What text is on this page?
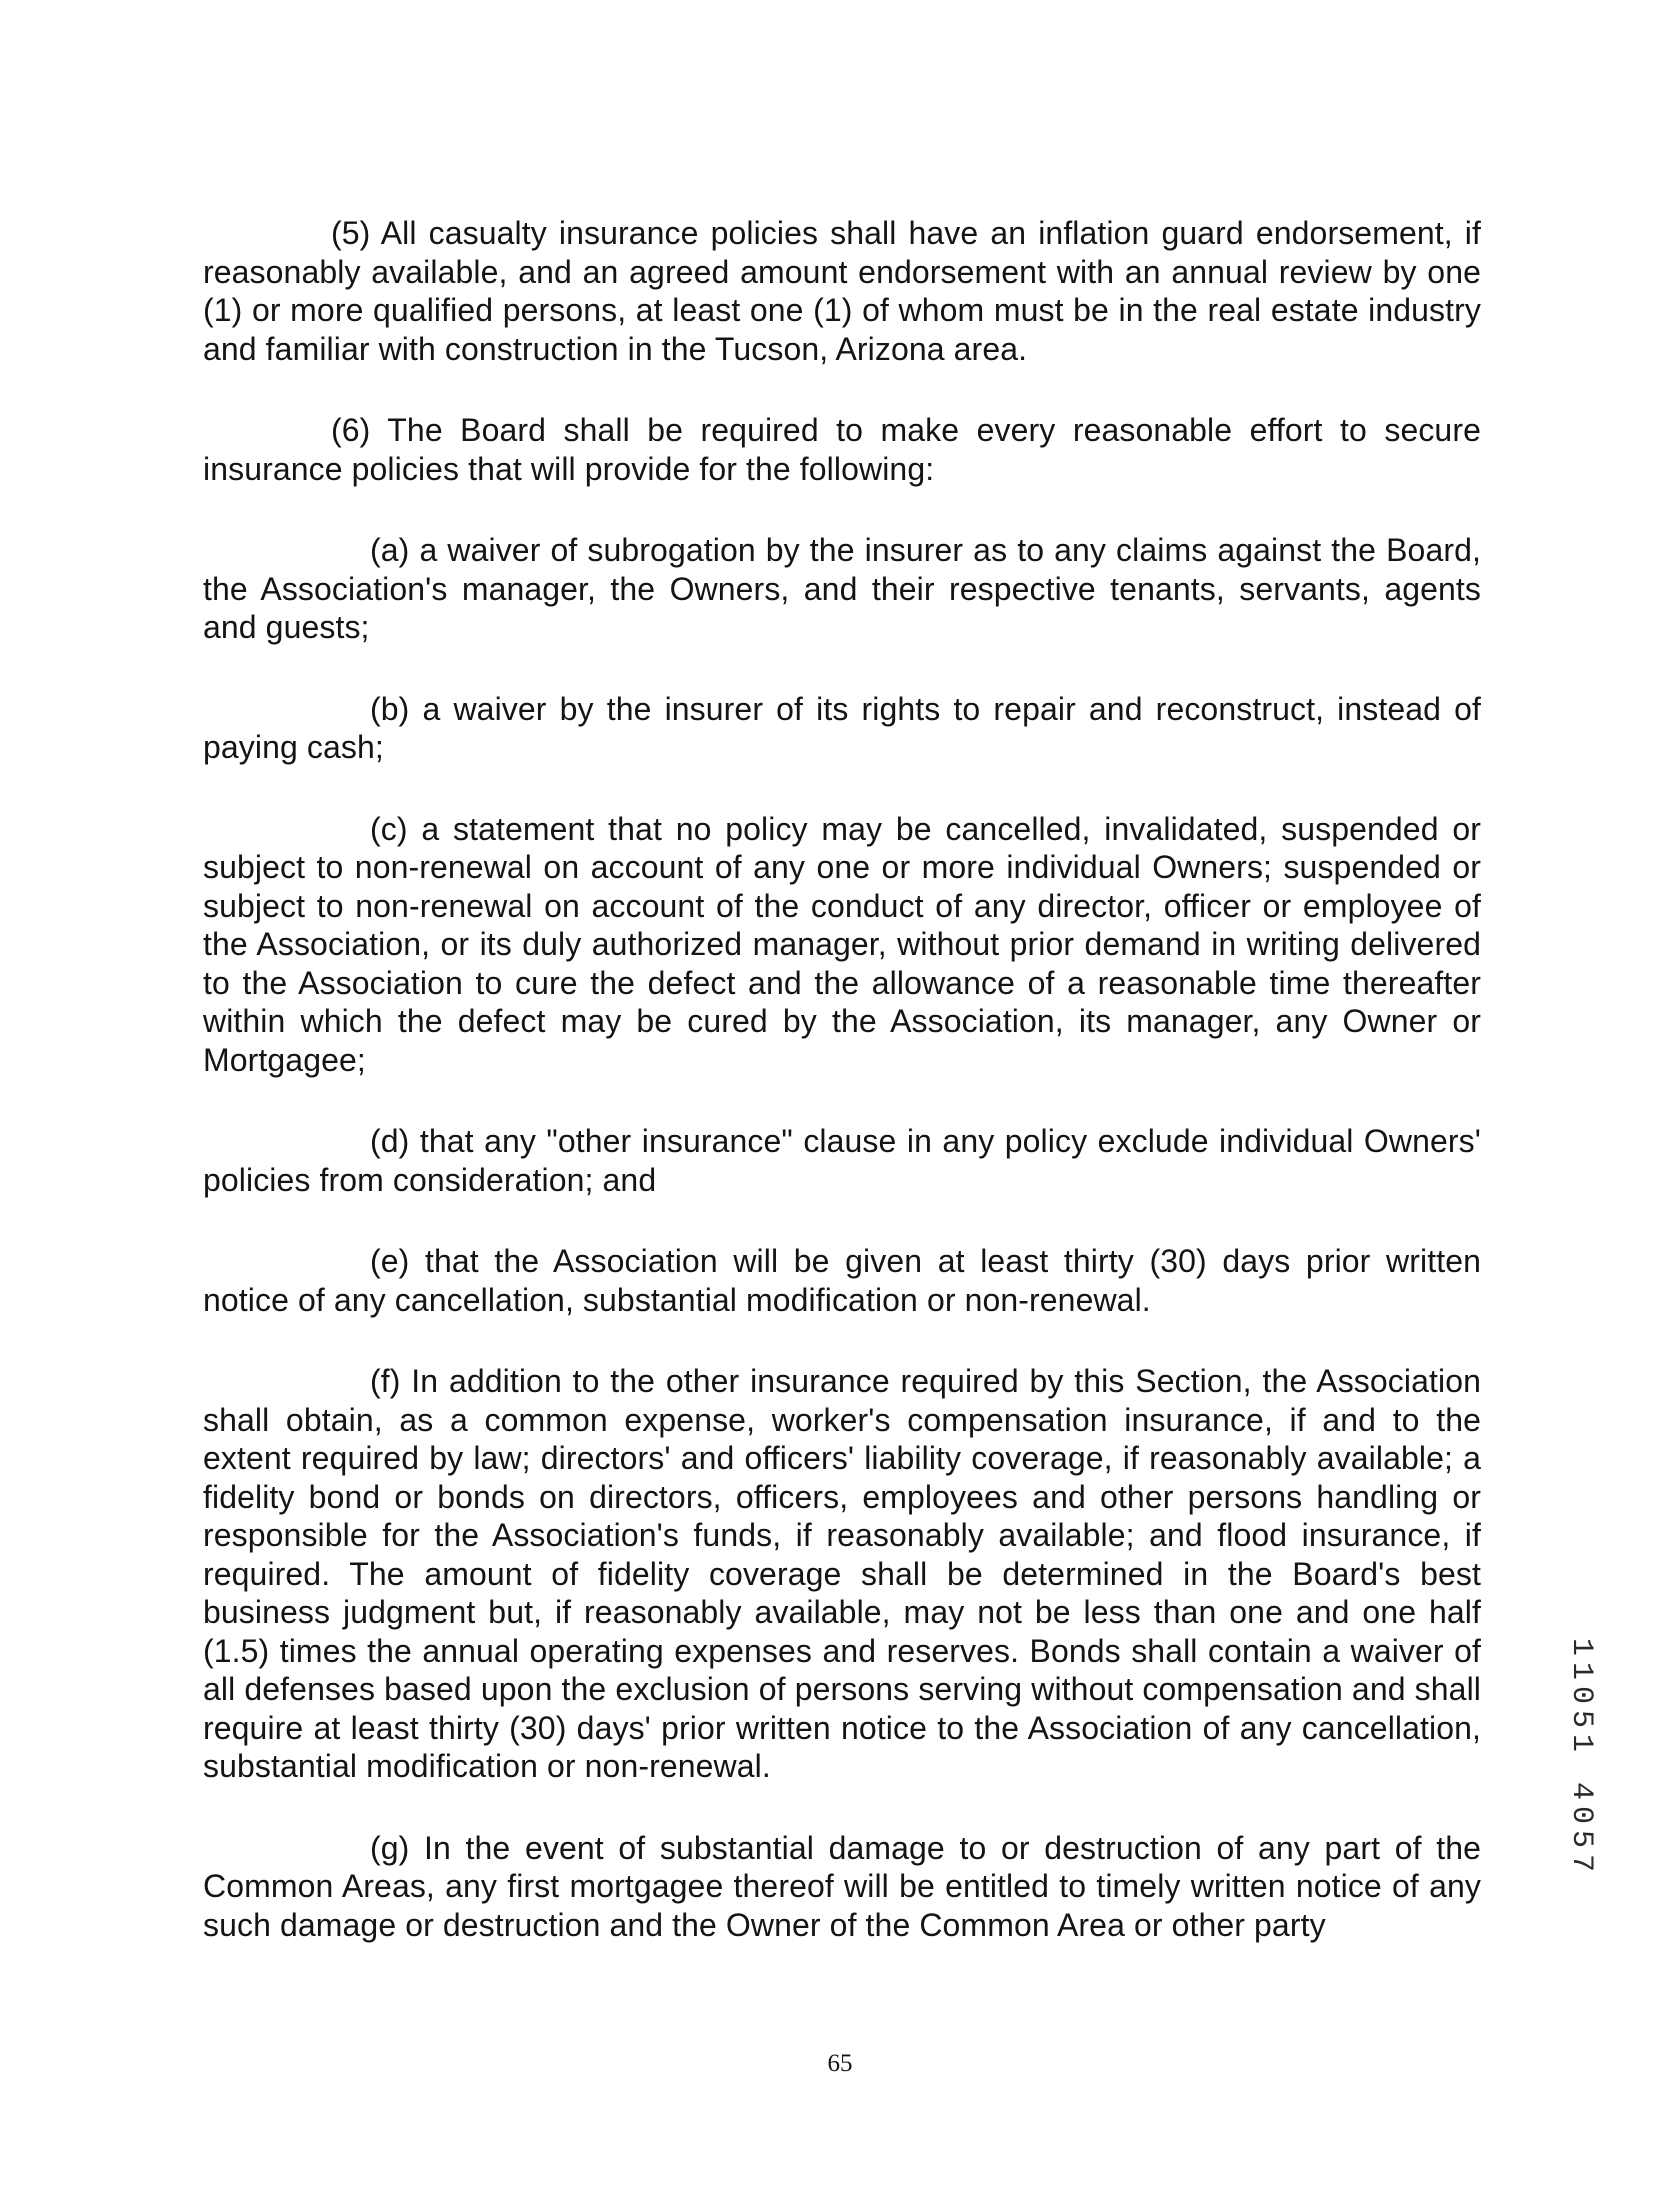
(5) All casualty insurance policies shall have an inflation guard endorsement, if reasonably available, and an agreed amount endorsement with an annual review by one (1) or more qualified persons, at least one (1) of whom must be in the real estate industry and familiar with construction in the Tucson, Arizona area.

(6) The Board shall be required to make every reasonable effort to secure insurance policies that will provide for the following:

(a) a waiver of subrogation by the insurer as to any claims against the Board, the Association's manager, the Owners, and their respective tenants, servants, agents and guests;

(b) a waiver by the insurer of its rights to repair and reconstruct, instead of paying cash;

(c) a statement that no policy may be cancelled, invalidated, suspended or subject to non-renewal on account of any one or more individual Owners; suspended or subject to non-renewal on account of the conduct of any director, officer or employee of the Association, or its duly authorized manager, without prior demand in writing delivered to the Association to cure the defect and the allowance of a reasonable time thereafter within which the defect may be cured by the Association, its manager, any Owner or Mortgagee;

(d) that any "other insurance" clause in any policy exclude individual Owners' policies from consideration; and

(e) that the Association will be given at least thirty (30) days prior written notice of any cancellation, substantial modification or non-renewal.

(f) In addition to the other insurance required by this Section, the Association shall obtain, as a common expense, worker's compensation insurance, if and to the extent required by law; directors' and officers' liability coverage, if reasonably available; a fidelity bond or bonds on directors, officers, employees and other persons handling or responsible for the Association's funds, if reasonably available; and flood insurance, if required. The amount of fidelity coverage shall be determined in the Board's best business judgment but, if reasonably available, may not be less than one and one half (1.5) times the annual operating expenses and reserves. Bonds shall contain a waiver of all defenses based upon the exclusion of persons serving without compensation and shall require at least thirty (30) days' prior written notice to the Association of any cancellation, substantial modification or non-renewal.

(g) In the event of substantial damage to or destruction of any part of the Common Areas, any first mortgagee thereof will be entitled to timely written notice of any such damage or destruction and the Owner of the Common Area or other party

11051 4057
65
